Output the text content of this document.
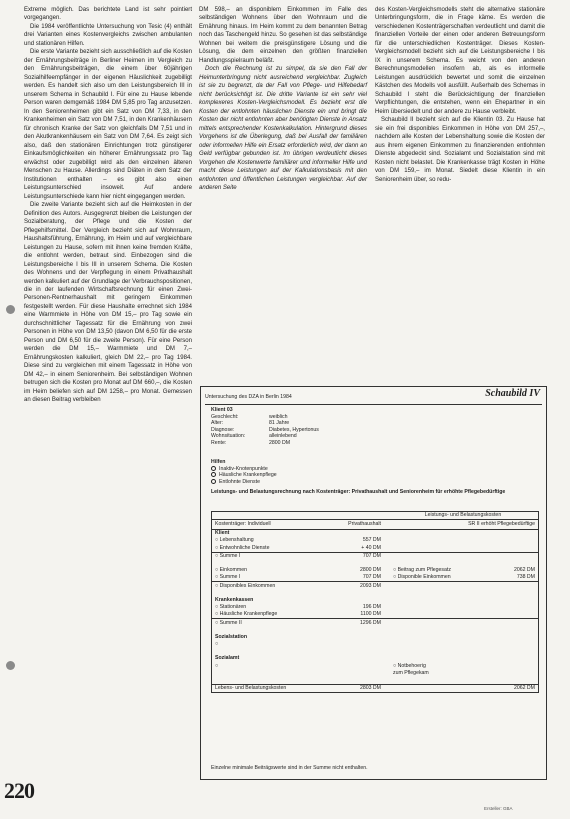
Extreme möglich. Das berichtete Land ist sehr pointiert vorgegangen.

Die 1984 veröffentlichte Untersuchung von Tesic (4) enthält drei Varianten eines Kostenvergleichs zwischen ambulanten und stationären Hilfen.

Die erste Variante bezieht sich ausschließlich auf die Kosten der Ernährungsbeiträge in Berliner Heimen im Vergleich zu den Ernährungsbeiträgen, die einem über 60jährigen Sozialhilfeempfänger in der eigenen Häuslichkeit zugebilligt werden. Es handelt sich also um den Leistungsbereich III in unserem Schema in Schaubild I. Für eine zu Hause lebende Person waren demgemäß 1984 DM 5,85 pro Tag anzusetzen. In den Seniorenheimen gibt ein Satz von DM 7,33, in den Krankenheimen ein Satz von DM 7,51, in den Krankenhäusern für chronisch Kranke der Satz von gleichfalls DM 7,51 und in den Akutkrankenhäusern ein Satz von DM 7,64. Es zeigt sich also, daß den stationären Einrichtungen trotz günstigerer Einkaufsmöglichkeiten ein höherer Ernährungssatz pro Tag erwächst oder zugebilligt wird als den einzelnen älteren Menschen zu Hause. Allerdings sind Diäten in dem Satz der Institutionen enthalten – es gibt also einen Leistungsunterschied insoweit. Auf andere Leistungsunterschiede kann hier nicht eingegangen werden.

Die zweite Variante bezieht sich auf die Heimkosten in der Definition des Autors. Ausgegrenzt bleiben die Leistungen der Sozialberatung, der Pflege und die Kosten der Pflegehilfsmittel. Der Vergleich bezieht sich auf Wohnraum, Haushaltsführung, Ernährung, im Heim und auf vergleichbare Leistungen zu Hause, sofern mit ihnen keine fremden Kräfte, die entlohnt werden, betraut sind. Einbezogen sind die Leistungsbereiche I bis III in unserem Schema. Die Kosten des Wohnens und der Verpflegung in einem Privathaushalt werden kalkuliert auf der Grundlage der Verbrauchspositionen, die in der laufenden Wirtschaftsrechnung für einen Zwei-Personen-Rentnerhaushalt mit geringem Einkommen festgestellt werden. Für diese Haushalte errechnet sich 1984 eine Warmmiete in Höhe von DM 15,– pro Tag sowie ein durchschnittlicher Tagessatz für die Ernährung von zwei Personen in Höhe von DM 13,50 (davon DM 6,50 für die erste Person und DM 6,50 für die zweite Person). Für eine Person werden die DM 15,– Warmmiete und DM 7,– Ernährungskosten kalkuliert, gleich DM 22,– pro Tag 1984. Diese sind zu vergleichen mit einem Tagessatz in Höhe von DM 42,– in einem Seniorenheim. Bei selbständigen Wohnen betrugen sich die Kosten pro Monat auf DM 660,–, die Kosten im Heim beliefen sich auf DM 1258,– pro Monat. Gemessen an diesen Beitrag verbleiben

DM 598,– an disponiblem Einkommen im Falle des selbständigen Wohnens über den Wohnraum und die Ernährung hinaus. Im Heim kommt zu dem benannten Betrag noch das Taschengeld hinzu. So gesehen ist das selbständige Wohnen bei weitem die preisgünstigere Lösung und die Lösung, die dem einzelnen den größten finanziellen Handlungsspielraum beläßt.

Doch die Rechnung ist zu simpel, da sie den Fall der Heimunterbringung nicht ausreichend vergleichbar. Zugleich ist sie zu begrenzt, da der Fall von Pflege- und Hilfebedarf nicht berücksichtigt ist. Die dritte Variante ist ein sehr viel komplexeres Kosten-Vergleichsmodell. Es bezieht erst die Kosten der entlohnten häuslichen Dienste ein und bringt die Kosten der nicht entlohnten aber benötigten Dienste in Ansatz mittels entsprechender Kostenkalkulation. Hintergrund dieses Vorgehens ist die Überlegung, daß bei Ausfall der familiären oder informellen Hilfe ein Ersatz erforderlich wird, der dann an Geld verfügbar gebunden ist. Im übrigen verdeutlicht dieses Vorgehen die Kostenwerte familiärer und informeller Hilfe und macht diese Leistungen auf der Kalkulationsbasis mit den entlohnten und öffentlichen Leistungen vergleichbar. Auf der anderen Seite

des Kosten-Vergleichsmodells steht die alternative stationäre Unterbringungsform, die in Frage käme. Es werden die verschiedenen Kostenträgerschaften verdeutlicht und damit die finanziellen Vorteile der einen oder anderen Betreuungsform für die unterschiedlichen Kostenträger. Dieses Kosten-Vergleichsmodell bezieht sich auf die Leistungsbereiche I bis IX in unserem Schema. Es weicht von den anderen Berechnungsmodellen insofern ab, als es informelle Leistungen ausdrücklich bewertet und somit die einzelnen Kästchen des Modells voll ausfüllt. Außerhalb des Schemas in Schaubild I steht die Berücksichtigung der finanziellen Verpflichtungen, die entstehen, wenn ein Ehepartner in ein Heim übersiedelt und der andere zu Hause verbleibt.

Schaubild II bezieht sich auf die Klientin 03. Zu Hause hat sie ein frei disponibles Einkommen in Höhe von DM 257,–, nachdem alle Kosten der Lebenshaltung sowie die Kosten der aus ihrem eigenen Einkommen zu finanzierenden entlohnten Dienste abgedeckt sind. Sozialamt und Sozialstation sind mit Kosten nicht belastet. Die Krankenkasse trägt Kosten in Höhe von DM 159,– im Monat. Siedelt diese Klientin in ein Seniorenheim über, so redu-

Untersuchung des DZA in Berlin 1984	Schaubild IV
Klient 03
Geschlecht:	weiblich
Alter:	81 Jahre
Diagnose:	Diabetes, Hypertonus
Wohnsituation:	alleinlebend
Rente:	2800 DM
Hilfen
Inaktiv-Knotenpunkte
Häusliche Krankenpflege
Entlohnte Dienste
Leistungs- und Belastungsrechnung nach Kostenträger: Privathaushalt und Seniorenheim für erhöhte Pflegebedürftige
Leistungs- und Belastungskosten
Kostenträger: Individuell	Privathaushalt	SR II erhöht Pflegebedürftige
Klient
○ Lebenshaltung	557 DM
○ Entwohnliche Dienste	+ 40 DM
○ Summe I	707 DM
○ Einkommen	2800 DM	○ Beitrag zum Pflegesatz	2062 DM
○ Summe I	707 DM	○ Disponible Einkommen	738 DM
○ Disponibles Einkommen	2093 DM
Krankenkassen
○ Stationären	196 DM
○ Häusliche Krankenpflege	1100 DM
○ Summe II	1296 DM
Sozialstation
○
Sozialamt
○	○ Notbehoerig
zum Pflegekam
Lebens- und Belastungskosten	2803 DM	2062 DM
Einzelne minimale Beiträgswerte sind in der Summe nicht enthalten.
220
Ersteller: GBA
